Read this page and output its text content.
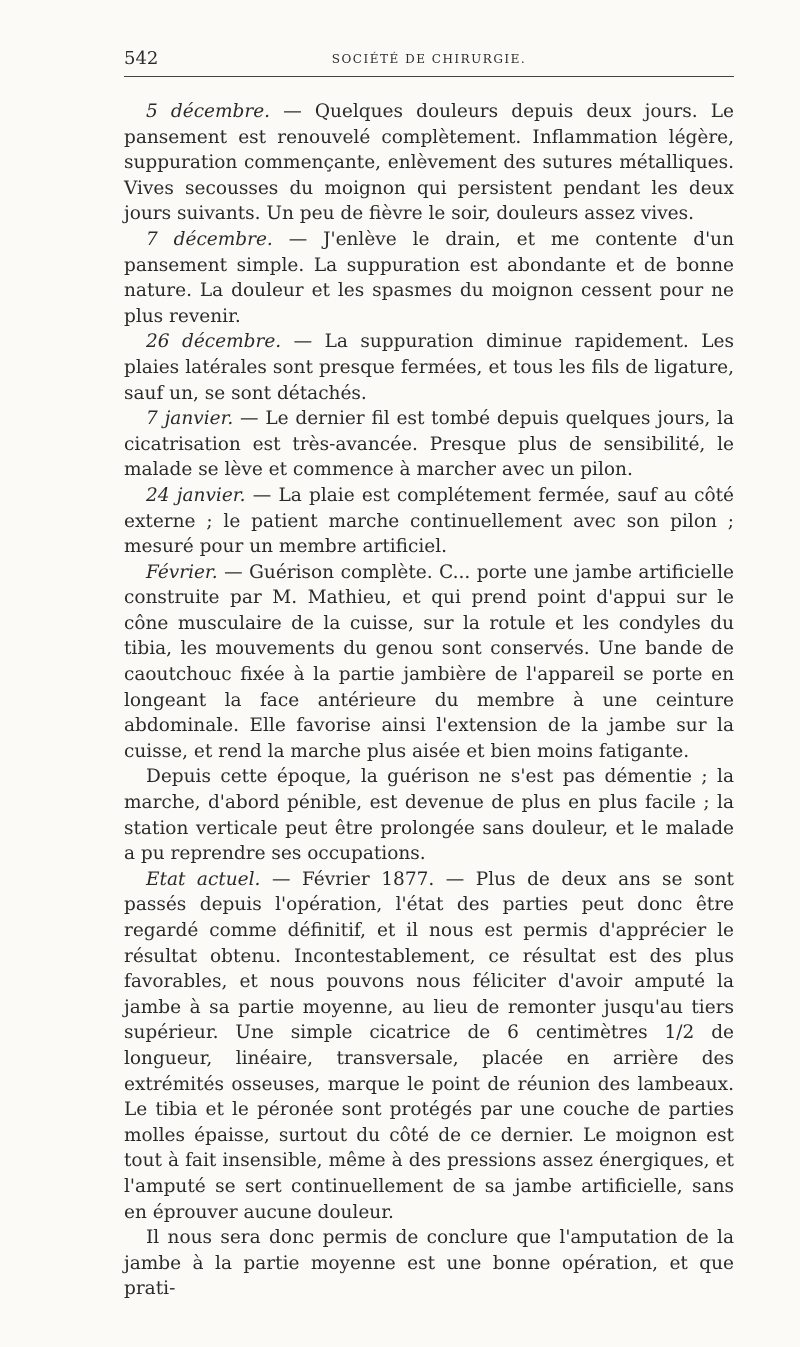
542	SOCIÉTÉ DE CHIRURGIE.

5 décembre. — Quelques douleurs depuis deux jours. Le pansement est renouvelé complètement. Inflammation légère, suppuration commençante, enlèvement des sutures métalliques. Vives secousses du moignon qui persistent pendant les deux jours suivants. Un peu de fièvre le soir, douleurs assez vives.

7 décembre. — J'enlève le drain, et me contente d'un pansement simple. La suppuration est abondante et de bonne nature. La douleur et les spasmes du moignon cessent pour ne plus revenir.

26 décembre. — La suppuration diminue rapidement. Les plaies latérales sont presque fermées, et tous les fils de ligature, sauf un, se sont détachés.

7 janvier. — Le dernier fil est tombé depuis quelques jours, la cicatrisation est très-avancée. Presque plus de sensibilité, le malade se lève et commence à marcher avec un pilon.

24 janvier. — La plaie est complétement fermée, sauf au côté externe ; le patient marche continuellement avec son pilon ; mesuré pour un membre artificiel.

Février. — Guérison complète. C... porte une jambe artificielle construite par M. Mathieu, et qui prend point d'appui sur le cône musculaire de la cuisse, sur la rotule et les condyles du tibia, les mouvements du genou sont conservés. Une bande de caoutchouc fixée à la partie jambière de l'appareil se porte en longeant la face antérieure du membre à une ceinture abdominale. Elle favorise ainsi l'extension de la jambe sur la cuisse, et rend la marche plus aisée et bien moins fatigante.

Depuis cette époque, la guérison ne s'est pas démentie ; la marche, d'abord pénible, est devenue de plus en plus facile ; la station verticale peut être prolongée sans douleur, et le malade a pu reprendre ses occupations.

Etat actuel. — Février 1877. — Plus de deux ans se sont passés depuis l'opération, l'état des parties peut donc être regardé comme définitif, et il nous est permis d'apprécier le résultat obtenu. Incontestablement, ce résultat est des plus favorables, et nous pouvons nous féliciter d'avoir amputé la jambe à sa partie moyenne, au lieu de remonter jusqu'au tiers supérieur. Une simple cicatrice de 6 centimètres 1/2 de longueur, linéaire, transversale, placée en arrière des extrémités osseuses, marque le point de réunion des lambeaux. Le tibia et le péronée sont protégés par une couche de parties molles épaisse, surtout du côté de ce dernier. Le moignon est tout à fait insensible, même à des pressions assez énergiques, et l'amputé se sert continuellement de sa jambe artificielle, sans en éprouver aucune douleur.

Il nous sera donc permis de conclure que l'amputation de la jambe à la partie moyenne est une bonne opération, et que prati-
